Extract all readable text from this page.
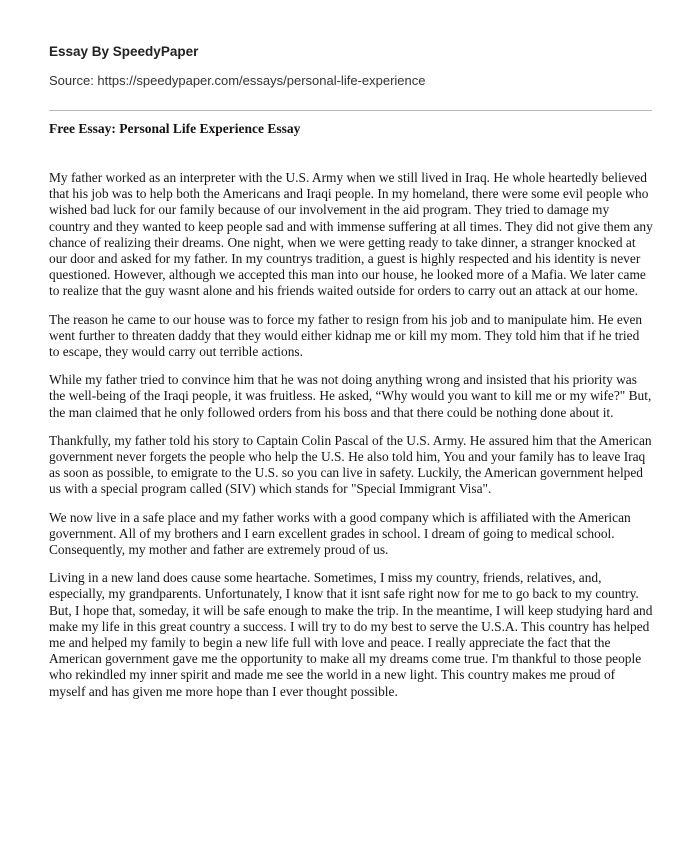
Essay By SpeedyPaper
Source: https://speedypaper.com/essays/personal-life-experience
Free Essay: Personal Life Experience Essay

My father worked as an interpreter with the U.S. Army when we still lived in Iraq. He whole heartedly believed that his job was to help both the Americans and Iraqi people. In my homeland, there were some evil people who wished bad luck for our family because of our involvement in the aid program. They tried to damage my country and they wanted to keep people sad and with immense suffering at all times. They did not give them any chance of realizing their dreams. One night, when we were getting ready to take dinner, a stranger knocked at our door and asked for my father. In my countrys tradition, a guest is highly respected and his identity is never questioned. However, although we accepted this man into our house, he looked more of a Mafia. We later came to realize that the guy wasnt alone and his friends waited outside for orders to carry out an attack at our home.

The reason he came to our house was to force my father to resign from his job and to manipulate him. He even went further to threaten daddy that they would either kidnap me or kill my mom. They told him that if he tried to escape, they would carry out terrible actions.

While my father tried to convince him that he was not doing anything wrong and insisted that his priority was the well-being of the Iraqi people, it was fruitless. He asked, “Why would you want to kill me or my wife?" But, the man claimed that he only followed orders from his boss and that there could be nothing done about it.

Thankfully, my father told his story to Captain Colin Pascal of the U.S. Army. He assured him that the American government never forgets the people who help the U.S. He also told him, You and your family has to leave Iraq as soon as possible, to emigrate to the U.S. so you can live in safety. Luckily, the American government helped us with a special program called (SIV) which stands for "Special Immigrant Visa".

We now live in a safe place and my father works with a good company which is affiliated with the American government. All of my brothers and I earn excellent grades in school. I dream of going to medical school. Consequently, my mother and father are extremely proud of us.

Living in a new land does cause some heartache. Sometimes, I miss my country, friends, relatives, and, especially, my grandparents. Unfortunately, I know that it isnt safe right now for me to go back to my country. But, I hope that, someday, it will be safe enough to make the trip. In the meantime, I will keep studying hard and make my life in this great country a success. I will try to do my best to serve the U.S.A. This country has helped me and helped my family to begin a new life full with love and peace. I really appreciate the fact that the American government gave me the opportunity to make all my dreams come true. I'm thankful to those people who rekindled my inner spirit and made me see the world in a new light. This country makes me proud of myself and has given me more hope than I ever thought possible.
